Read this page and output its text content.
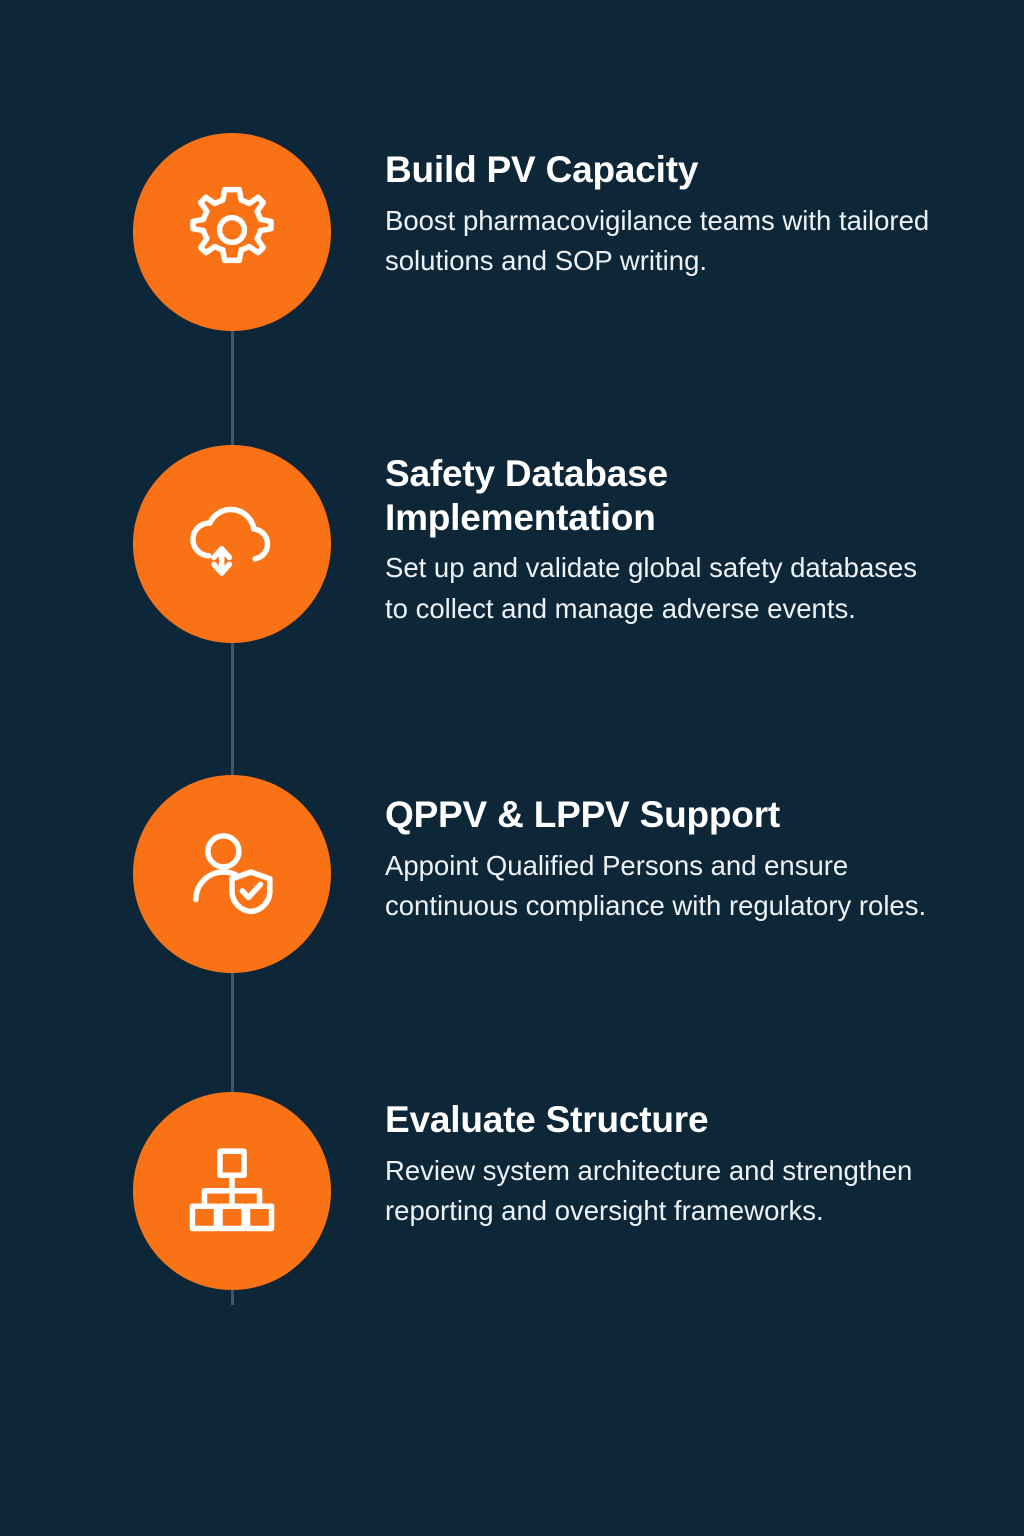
Build PV Capacity
Boost pharmacovigilance teams with tailored solutions and SOP writing.
Safety Database Implementation
Set up and validate global safety databases to collect and manage adverse events.
QPPV & LPPV Support
Appoint Qualified Persons and ensure continuous compliance with regulatory roles.
Evaluate Structure
Review system architecture and strengthen reporting and oversight frameworks.
